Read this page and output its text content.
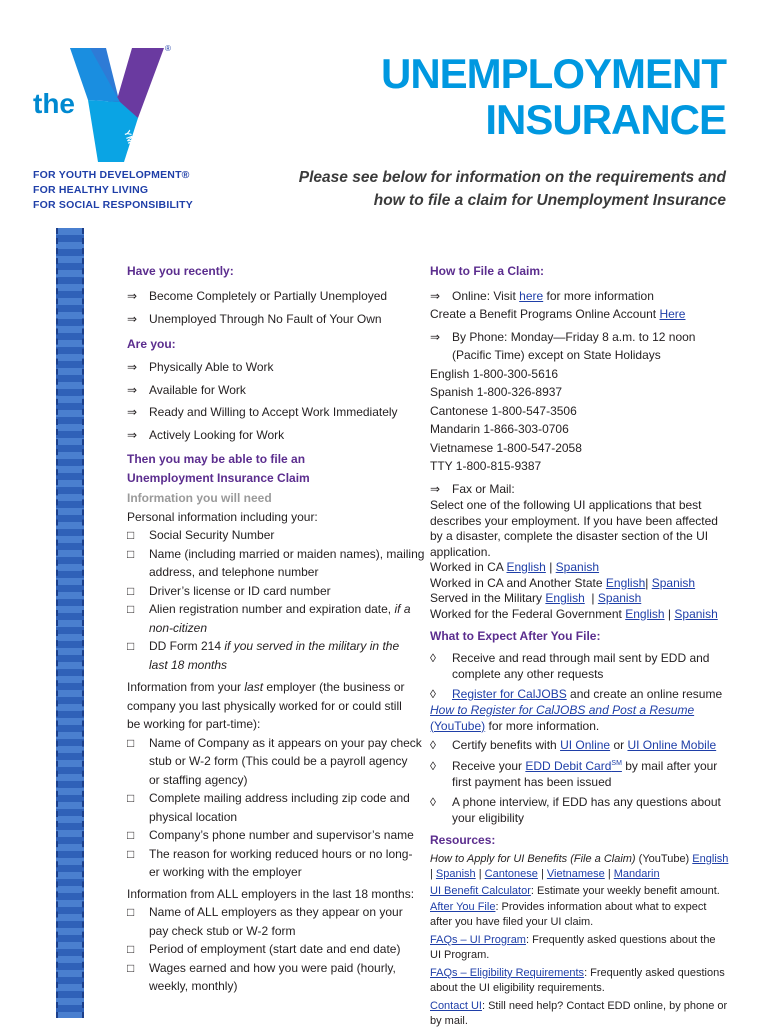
®
YMCA
the
FOR YOUTH DEVELOPMENT®
FOR HEALTHY LIVING
FOR SOCIAL RESPONSIBILITY
UNEMPLOYMENT
INSURANCE
Please see below for information on the requirements and
how to file a claim for Unemployment Insurance
Have you recently:
⇒ Become Completely or Partially Unemployed
⇒ Unemployed Through No Fault of Your Own
Are you:
⇒ Physically Able to Work
⇒ Available for Work
⇒ Ready and Willing to Accept Work Immediately
⇒ Actively Looking for Work
Then you may be able to file an
Unemployment Insurance Claim
Information you will need
Personal information including your:
□ Social Security Number
□ Name (including married or maiden names), mailing
address, and telephone number
□ Driver’s license or ID card number
□ Alien registration number and expiration date, if a
non-citizen
□ DD Form 214 if you served in the military in the
last 18 months
Information from your last employer (the business or
company you last physically worked for or could still
be working for part-time):
□ Name of Company as it appears on your pay check
stub or W-2 form (This could be a payroll agency
or staffing agency)
□ Complete mailing address including zip code and
physical location
□ Company’s phone number and supervisor’s name
□ The reason for working reduced hours or no long-
er working with the employer
Information from ALL employers in the last 18 months:
□ Name of ALL employers as they appear on your
pay check stub or W-2 form
□ Period of employment (start date and end date)
□ Wages earned and how you were paid (hourly,
weekly, monthly)
How to File a Claim:
⇒ Online: Visit here for more information
Create a Benefit Programs Online Account Here
⇒ By Phone: Monday—Friday 8 a.m. to 12 noon
(Pacific Time) except on State Holidays
English 1-800-300-5616
Spanish 1-800-326-8937
Cantonese 1-800-547-3506
Mandarin 1-866-303-0706
Vietnamese 1-800-547-2058
TTY 1-800-815-9387
⇒ Fax or Mail:
Select one of the following UI applications that best
describes your employment. If you have been affected
by a disaster, complete the disaster section of the UI
application.
Worked in CA English | Spanish
Worked in CA and Another State English| Spanish
Served in the Military English | Spanish
Worked for the Federal Government English | Spanish
What to Expect After You File:
◊ Receive and read through mail sent by EDD and
complete any other requests
◊ Register for CalJOBS and create an online resume
How to Register for CalJOBS and Post a Resume
(YouTube) for more information.
◊ Certify benefits with UI Online or UI Online Mobile
◊ Receive your EDD Debit Card℠ by mail after your
first payment has been issued
◊ A phone interview, if EDD has any questions about
your eligibility
Resources:
How to Apply for UI Benefits (File a Claim) (YouTube) English
| Spanish | Cantonese | Vietnamese | Mandarin
UI Benefit Calculator: Estimate your weekly benefit amount.
After You File: Provides information about what to expect
after you have filed your UI claim.
FAQs – UI Program: Frequently asked questions about the
UI Program.
FAQs – Eligibility Requirements: Frequently asked questions
about the UI eligibility requirements.
Contact UI: Still need help? Contact EDD online, by phone or
by mail.
